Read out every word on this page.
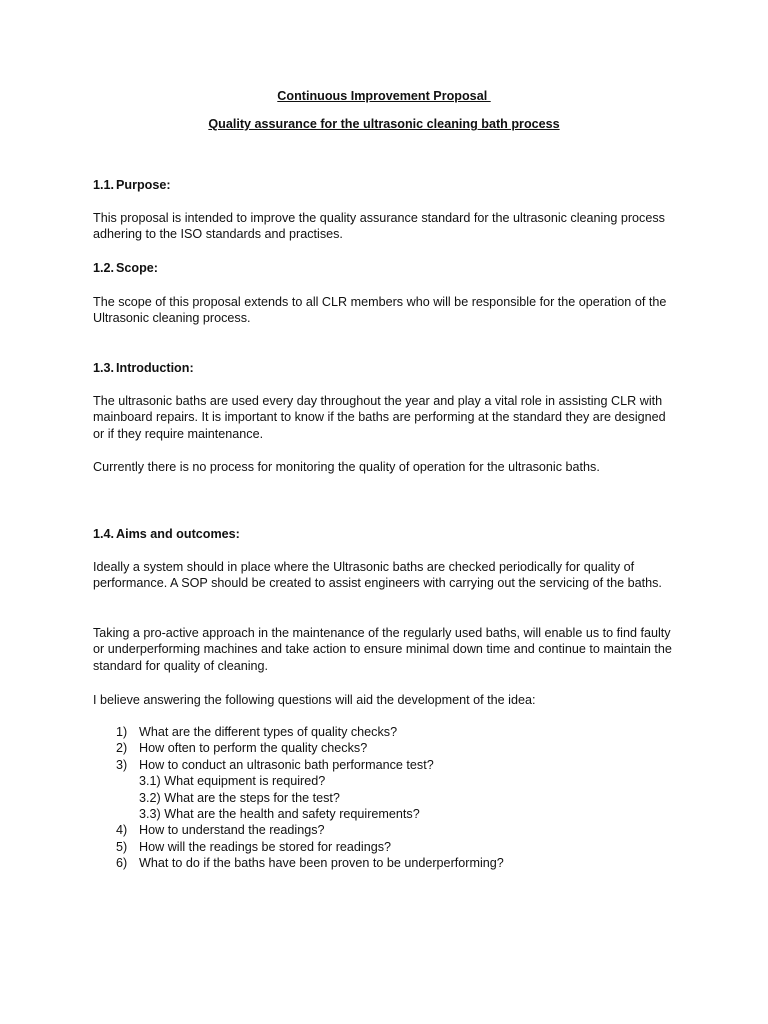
Continuous Improvement Proposal
Quality assurance for the ultrasonic cleaning bath process
1.1. Purpose:

This proposal is intended to improve the quality assurance standard for the ultrasonic cleaning process adhering to the ISO standards and practises.

1.2. Scope:

The scope of this proposal extends to all CLR members who will be responsible for the operation of the Ultrasonic cleaning process.

1.3. Introduction:

The ultrasonic baths are used every day throughout the year and play a vital role in assisting CLR with mainboard repairs. It is important to know if the baths are performing at the standard they are designed or if they require maintenance.

Currently there is no process for monitoring the quality of operation for the ultrasonic baths.

1.4. Aims and outcomes:

Ideally a system should in place where the Ultrasonic baths are checked periodically for quality of performance. A SOP should be created to assist engineers with carrying out the servicing of the baths.

Taking a pro-active approach in the maintenance of the regularly used baths, will enable us to find faulty or underperforming machines and take action to ensure minimal down time and continue to maintain the standard for quality of cleaning.

I believe answering the following questions will aid the development of the idea:

1) What are the different types of quality checks?
2) How often to perform the quality checks?
3) How to conduct an ultrasonic bath performance test?
3.1) What equipment is required?
3.2) What are the steps for the test?
3.3) What are the health and safety requirements?
4) How to understand the readings?
5) How will the readings be stored for readings?
6) What to do if the baths have been proven to be underperforming?
